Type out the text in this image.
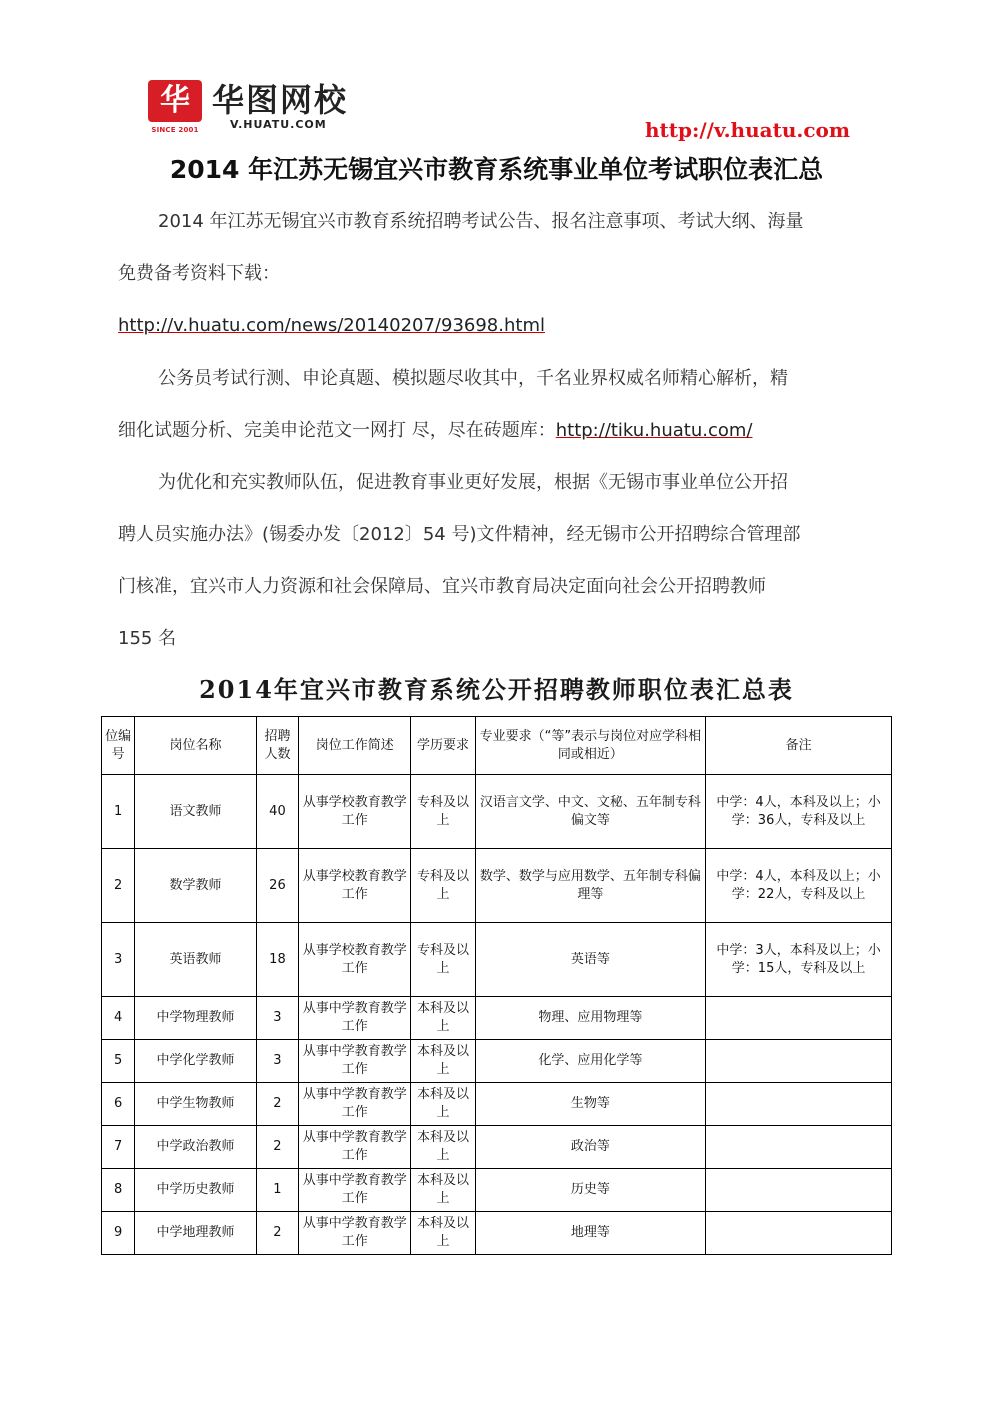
华
SINCE 2001
华图网校
V.HUATU.COM	http://v.huatu.com
2014 年江苏无锡宜兴市教育系统事业单位考试职位表汇总
2014 年江苏无锡宜兴市教育系统招聘考试公告、报名注意事项、考试大纲、海量
免费备考资料下载：
http://v.huatu.com/news/20140207/93698.html
公务员考试行测、申论真题、模拟题尽收其中，千名业界权威名师精心解析，精
细化试题分析、完美申论范文一网打 尽，尽在砖题库：http://tiku.huatu.com/
为优化和充实教师队伍，促进教育事业更好发展，根据《无锡市事业单位公开招
聘人员实施办法》(锡委办发〔2012〕54 号)文件精神，经无锡市公开招聘综合管理部
门核准，宜兴市人力资源和社会保障局、宜兴市教育局决定面向社会公开招聘教师
155 名
2014年宜兴市教育系统公开招聘教师职位表汇总表
位编号	岗位名称	招聘人数	岗位工作简述	学历要求	专业要求（“等”表示与岗位对应学科相同或相近）	备注
1	语文教师	40	从事学校教育教学工作	专科及以上	汉语言文学、中文、文秘、五年制专科偏文等	中学：4人，本科及以上；小学：36人，专科及以上
2	数学教师	26	从事学校教育教学工作	专科及以上	数学、数学与应用数学、五年制专科偏理等	中学：4人，本科及以上；小学：22人，专科及以上
3	英语教师	18	从事学校教育教学工作	专科及以上	英语等	中学：3人，本科及以上；小学：15人，专科及以上
4	中学物理教师	3	从事中学教育教学工作	本科及以上	物理、应用物理等	
5	中学化学教师	3	从事中学教育教学工作	本科及以上	化学、应用化学等	
6	中学生物教师	2	从事中学教育教学工作	本科及以上	生物等	
7	中学政治教师	2	从事中学教育教学工作	本科及以上	政治等	
8	中学历史教师	1	从事中学教育教学工作	本科及以上	历史等	
9	中学地理教师	2	从事中学教育教学工作	本科及以上	地理等	
